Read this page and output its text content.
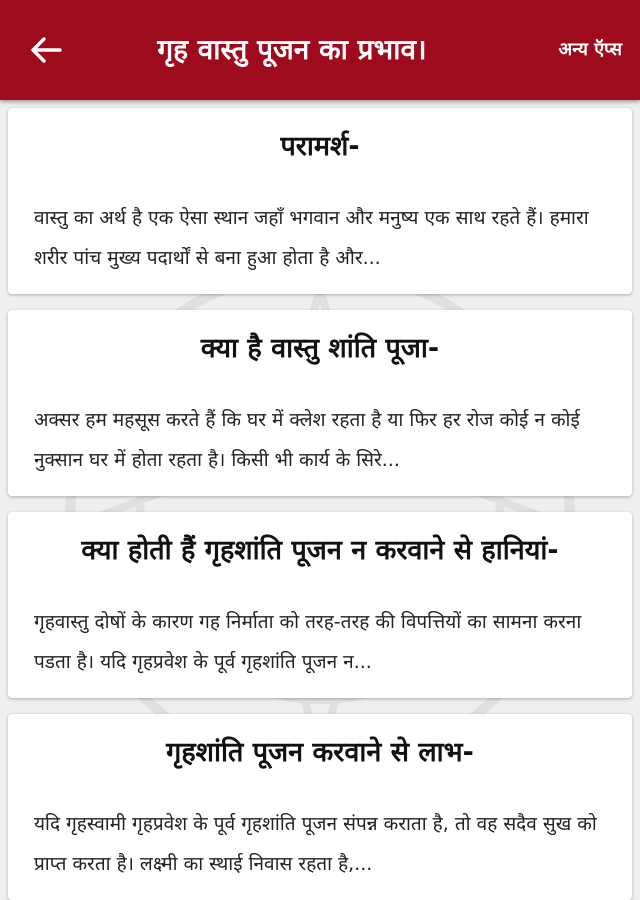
गृह वास्तु पूजन का प्रभाव।	अन्य ऍप्स
परामर्श-

वास्तु का अर्थ है एक ऐसा स्थान जहाँ भगवान और मनुष्य एक साथ रहते हैं। हमारा शरीर पांच मुख्य पदार्थों से बना हुआ होता है और...

क्या है वास्तु शांति पूजा-

अक्सर हम महसूस करते हैं कि घर में क्लेश रहता है या फिर हर रोज कोई न कोई नुक्सान घर में होता रहता है। किसी भी कार्य के सिरे...

क्या होती हैं गृहशांति पूजन न करवाने से हानियां-

गृहवास्तु दोषों के कारण गह निर्माता को तरह-तरह की विपत्तियों का सामना करना पडता है। यदि गृहप्रवेश के पूर्व गृहशांति पूजन न...

गृहशांति पूजन करवाने से लाभ-

यदि गृहस्वामी गृहप्रवेश के पूर्व गृहशांति पूजन संपन्न कराता है, तो वह सदैव सुख को प्राप्त करता है। लक्ष्मी का स्थाई निवास रहता है,...
